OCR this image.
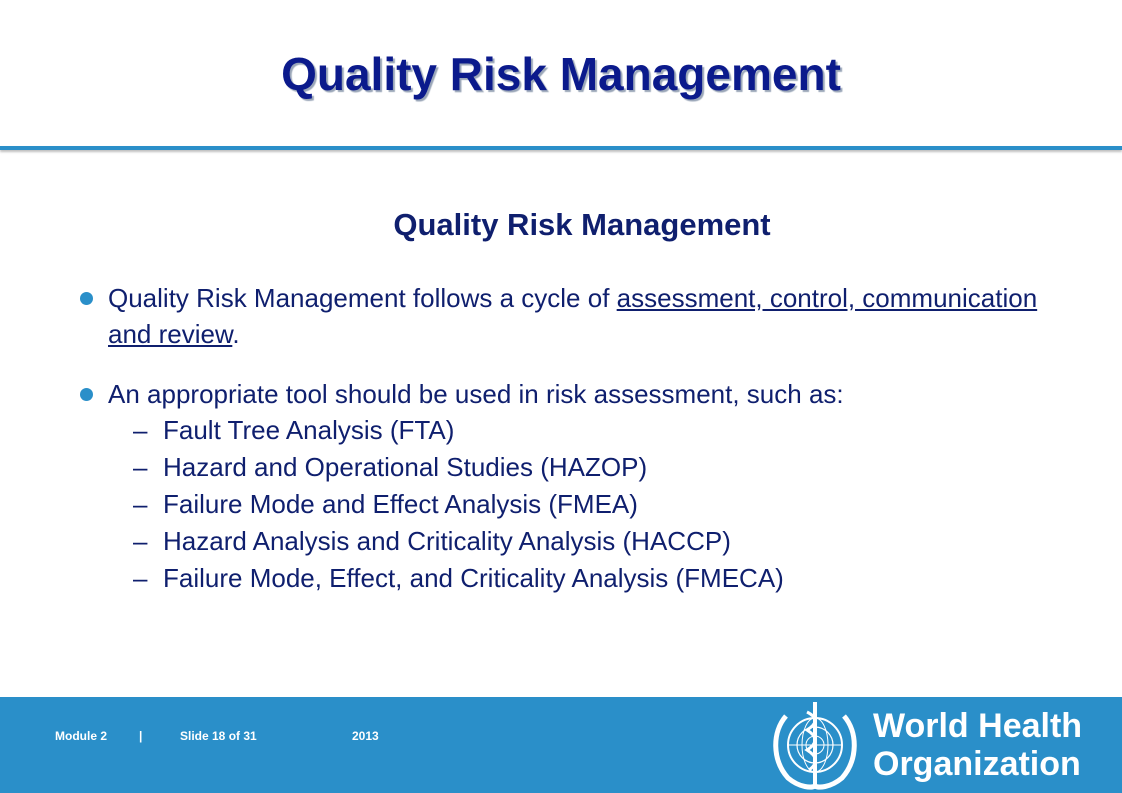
Quality Risk Management
Quality Risk Management
Quality Risk Management follows a cycle of assessment, control, communication and review.
An appropriate tool should be used in risk assessment, such as:
– Fault Tree Analysis (FTA)
– Hazard and Operational Studies (HAZOP)
– Failure Mode and Effect Analysis (FMEA)
– Hazard Analysis and Criticality Analysis (HACCP)
– Failure Mode, Effect, and Criticality Analysis (FMECA)
Module 2	|	Slide 18 of 31	2013	World Health
Organization
